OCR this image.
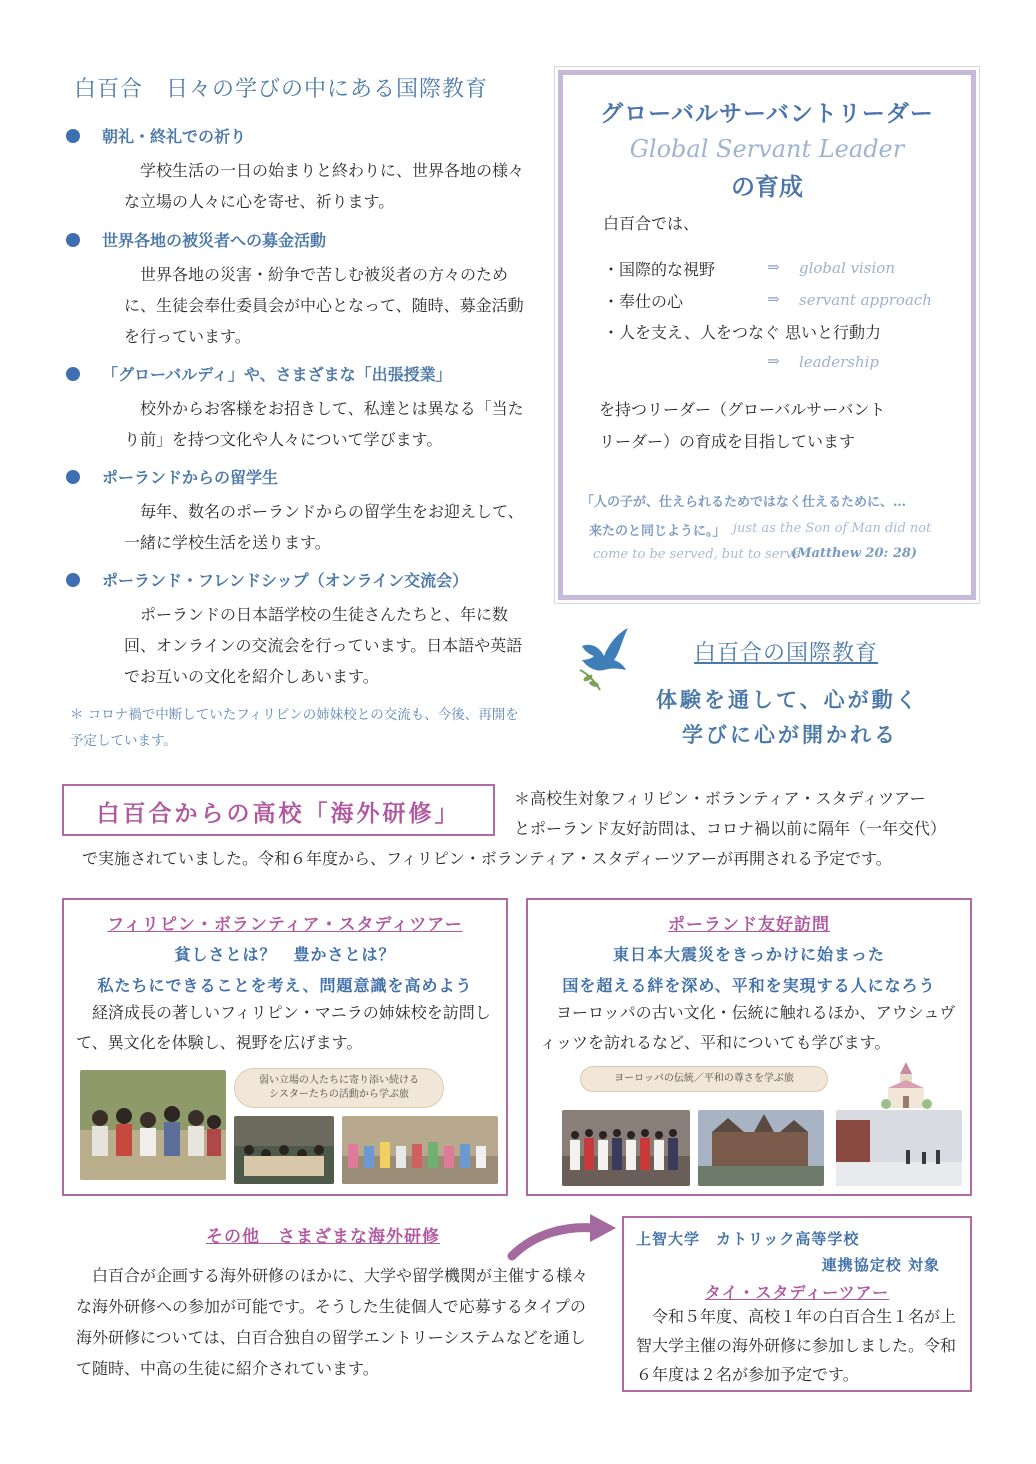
白百合　日々の学びの中にある国際教育
朝礼・終礼での祈り
学校生活の一日の始まりと終わりに、世界各地の様々な立場の人々に心を寄せ、祈ります。
世界各地の被災者への募金活動
世界各地の災害・紛争で苦しむ被災者の方々のために、生徒会奉仕委員会が中心となって、随時、募金活動を行っています。
「グローバルディ」や、さまざまな「出張授業」
校外からお客様をお招きして、私達とは異なる「当たり前」を持つ文化や人々について学びます。
ポーランドからの留学生
毎年、数名のポーランドからの留学生をお迎えして、一緒に学校生活を送ります。
ポーランド・フレンドシップ（オンライン交流会）
ポーランドの日本語学校の生徒さんたちと、年に数回、オンラインの交流会を行っています。日本語や英語でお互いの文化を紹介しあいます。
＊ コロナ禍で中断していたフィリピンの姉妹校との交流も、今後、再開を予定しています。
グローバルサーバントリーダー
Global Servant Leader
の育成
白百合では、
・国際的な視野	⇒ global vision
・奉仕の心	⇒ servant approach
・人を支え、人をつなぐ 思いと行動力
⇒ leadership
を持つリーダー（グローバルサーバント
リーダー）の育成を目指しています
「人の子が、仕えられるためではなく仕えるために、…
来たのと同じように。」 just as the Son of Man did not
come to be served, but to serve
(Matthew 20: 28)
白百合の国際教育
体験を通して、心が動く
学びに心が開かれる
白百合からの高校「海外研修」
＊高校生対象フィリピン・ボランティア・スタディツアー
とポーランド友好訪問は、コロナ禍以前に隔年（一年交代）
で実施されていました。令和６年度から、フィリピン・ボランティア・スタディーツアーが再開される予定です。
フィリピン・ボランティア・スタディツアー
貧しさとは？　豊かさとは？
私たちにできることを考え、問題意識を高めよう
経済成長の著しいフィリピン・マニラの姉妹校を訪問して、異文化を体験し、視野を広げます。
弱い立場の人たちに寄り添い続ける
シスターたちの活動から学ぶ旅
ポーランド友好訪問
東日本大震災をきっかけに始まった
国を超える絆を深め、平和を実現する人になろう
ヨーロッパの古い文化・伝統に触れるほか、アウシュヴィッツを訪れるなど、平和についても学びます。
ヨーロッパの伝統／平和の尊さを学ぶ旅
その他　さまざまな海外研修
白百合が企画する海外研修のほかに、大学や留学機関が主催する様々な海外研修への参加が可能です。そうした生徒個人で応募するタイプの海外研修については、白百合独自の留学エントリーシステムなどを通して随時、中高の生徒に紹介されています。
上智大学　カトリック高等学校
連携協定校 対象
タイ・スタディーツアー
令和５年度、高校１年の白百合生１名が上智大学主催の海外研修に参加しました。令和６年度は２名が参加予定です。
